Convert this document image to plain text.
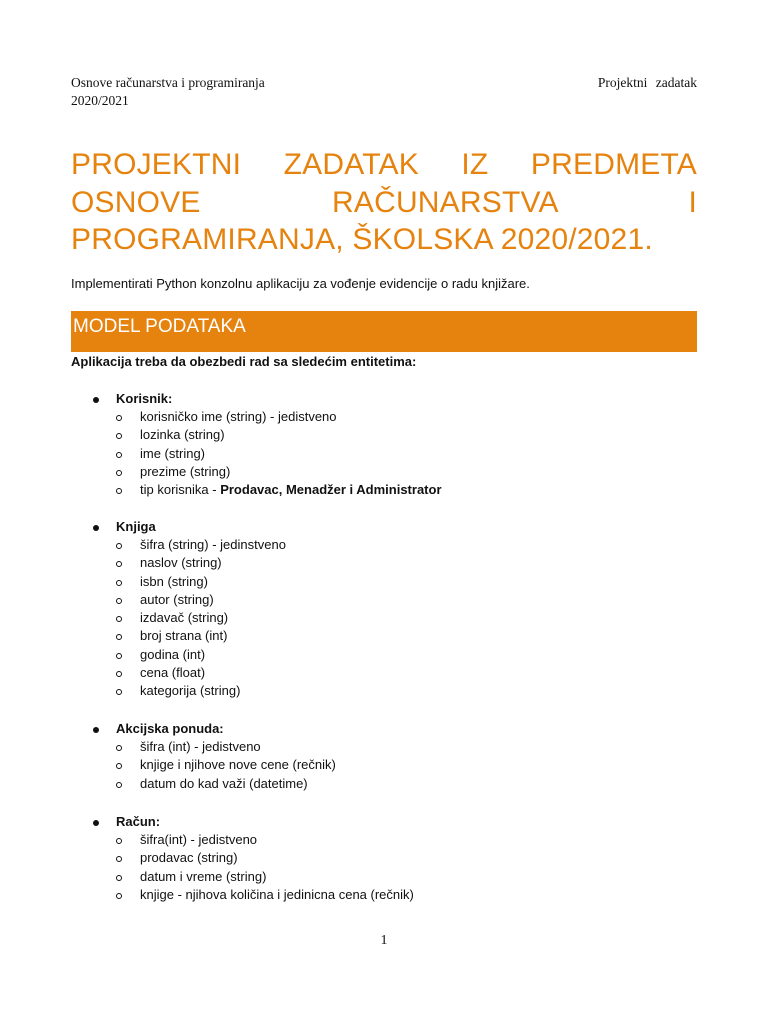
Osnove računarstva i programiranja
2020/2021
Projektni zadatak
PROJEKTNI ZADATAK IZ PREDMETA OSNOVE RAČUNARSTVA I PROGRAMIRANJA, ŠKOLSKA 2020/2021.
Implementirati Python konzolnu aplikaciju za vođenje evidencije o radu knjižare.
MODEL PODATAKA
Aplikacija treba da obezbedi rad sa sledećim entitetima:
Korisnik:
korisničko ime (string) - jedistveno
lozinka (string)
ime (string)
prezime (string)
tip korisnika - Prodavac, Menadžer i Administrator
Knjiga
šifra (string) - jedinstveno
naslov (string)
isbn (string)
autor (string)
izdavač (string)
broj strana (int)
godina (int)
cena (float)
kategorija (string)
Akcijska ponuda:
šifra (int) - jedistveno
knjige i njihove nove cene (rečnik)
datum do kad važi (datetime)
Račun:
šifra(int) - jedistveno
prodavac (string)
datum i vreme (string)
knjige - njihova količina i jedinicna cena (rečnik)
1
